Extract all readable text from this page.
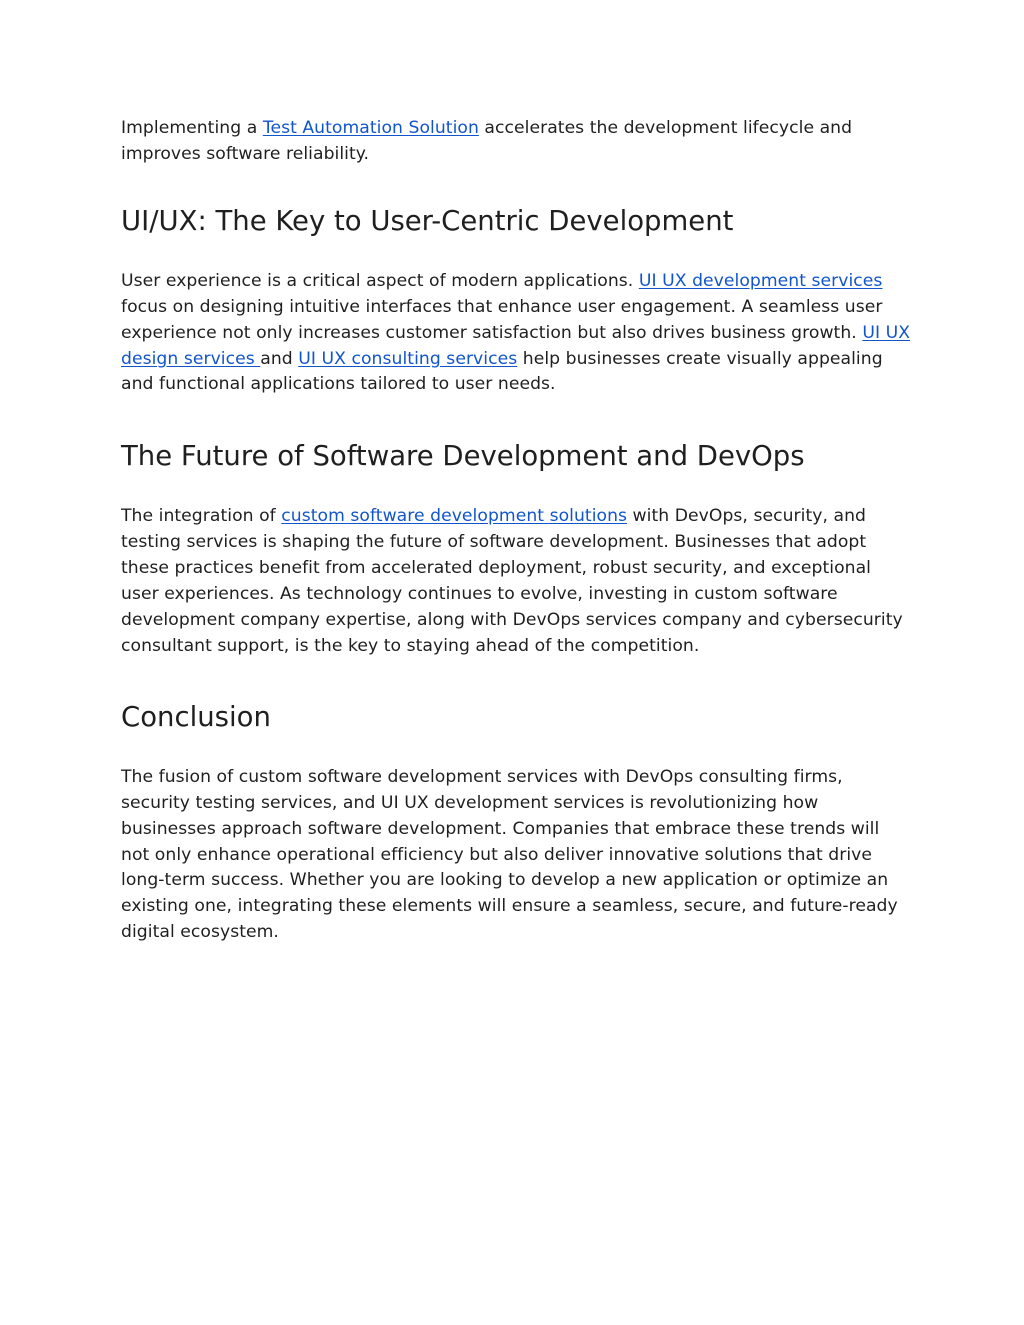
Implementing a Test Automation Solution accelerates the development lifecycle and improves software reliability.

UI/UX: The Key to User-Centric Development

User experience is a critical aspect of modern applications. UI UX development services focus on designing intuitive interfaces that enhance user engagement. A seamless user experience not only increases customer satisfaction but also drives business growth. UI UX design services and UI UX consulting services help businesses create visually appealing and functional applications tailored to user needs.

The Future of Software Development and DevOps

The integration of custom software development solutions with DevOps, security, and testing services is shaping the future of software development. Businesses that adopt these practices benefit from accelerated deployment, robust security, and exceptional user experiences. As technology continues to evolve, investing in custom software development company expertise, along with DevOps services company and cybersecurity consultant support, is the key to staying ahead of the competition.

Conclusion

The fusion of custom software development services with DevOps consulting firms, security testing services, and UI UX development services is revolutionizing how businesses approach software development. Companies that embrace these trends will not only enhance operational efficiency but also deliver innovative solutions that drive long-term success. Whether you are looking to develop a new application or optimize an existing one, integrating these elements will ensure a seamless, secure, and future-ready digital ecosystem.
